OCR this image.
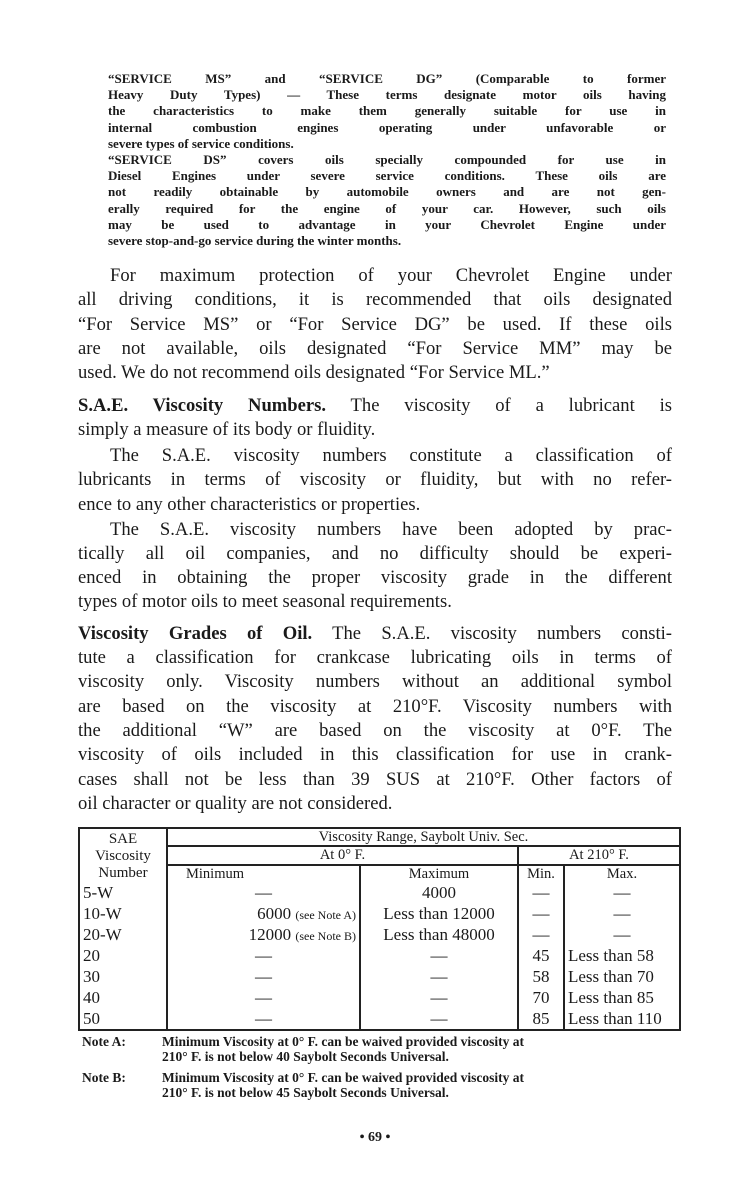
“SERVICE MS” and “SERVICE DG” (Comparable to former
Heavy Duty Types) — These terms designate motor oils having
the characteristics to make them generally suitable for use in
internal combustion engines operating under unfavorable or
severe types of service conditions.
“SERVICE DS” covers oils specially compounded for use in
Diesel Engines under severe service conditions. These oils are
not readily obtainable by automobile owners and are not gen-
erally required for the engine of your car. However, such oils
may be used to advantage in your Chevrolet Engine under
severe stop-and-go service during the winter months.
For maximum protection of your Chevrolet Engine under
all driving conditions, it is recommended that oils designated
“For Service MS” or “For Service DG” be used. If these oils
are not available, oils designated “For Service MM” may be
used. We do not recommend oils designated “For Service ML.”
S.A.E. Viscosity Numbers. The viscosity of a lubricant is
simply a measure of its body or fluidity.
The S.A.E. viscosity numbers constitute a classification of
lubricants in terms of viscosity or fluidity, but with no refer-
ence to any other characteristics or properties.
The S.A.E. viscosity numbers have been adopted by prac-
tically all oil companies, and no difficulty should be experi-
enced in obtaining the proper viscosity grade in the different
types of motor oils to meet seasonal requirements.
Viscosity Grades of Oil. The S.A.E. viscosity numbers consti-
tute a classification for crankcase lubricating oils in terms of
viscosity only. Viscosity numbers without an additional symbol
are based on the viscosity at 210°F. Viscosity numbers with
the additional “W” are based on the viscosity at 0°F. The
viscosity of oils included in this classification for use in crank-
cases shall not be less than 39 SUS at 210°F. Other factors of
oil character or quality are not considered.
SAE
Viscosity
Number	Viscosity Range, Saybolt Univ. Sec.			
	At 0° F.		At 210° F.	
	Minimum	Maximum	Min.	Max.
5-W	—	4000	—	—
10-W	6000 (see Note A)	Less than 12000	—	—
20-W	12000 (see Note B)	Less than 48000	—	—
20	—	—	45	Less than 58
30	—	—	58	Less than 70
40	—	—	70	Less than 85
50	—	—	85	Less than 110
Note A:	Minimum Viscosity at 0° F. can be waived provided viscosity at
210° F. is not below 40 Saybolt Seconds Universal.
Note B:	Minimum Viscosity at 0° F. can be waived provided viscosity at
210° F. is not below 45 Saybolt Seconds Universal.
• 69 •
